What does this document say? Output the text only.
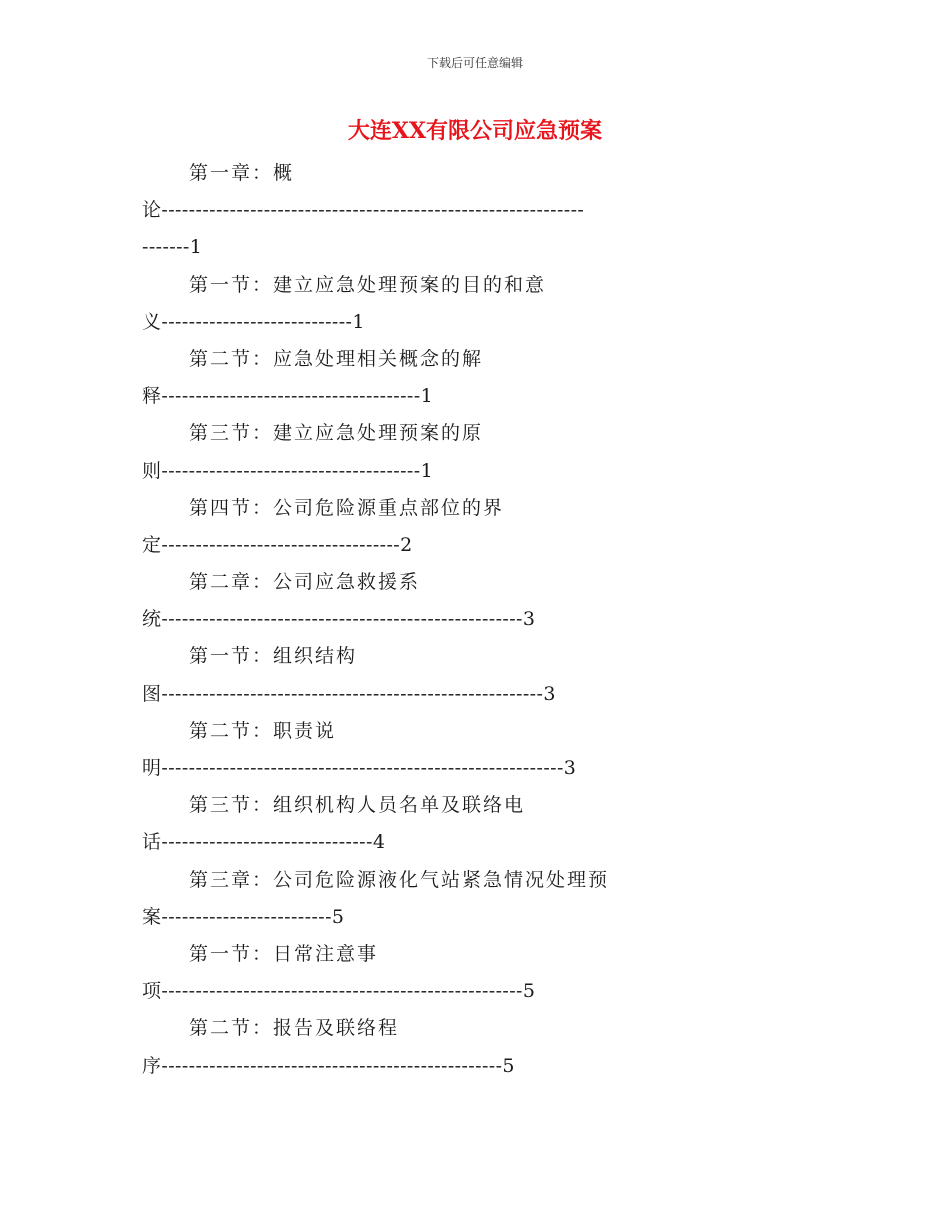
下载后可任意编辑
大连XX有限公司应急预案
第一章：概
论--------------------------------------------------------------
-------1
第一节：建立应急处理预案的目的和意
义----------------------------1
第二节：应急处理相关概念的解
释--------------------------------------1
第三节：建立应急处理预案的原
则--------------------------------------1
第四节：公司危险源重点部位的界
定-----------------------------------2
第二章：公司应急救援系
统-----------------------------------------------------3
第一节：组织结构
图--------------------------------------------------------3
第二节：职责说
明-----------------------------------------------------------3
第三节：组织机构人员名单及联络电
话-------------------------------4
第三章：公司危险源液化气站紧急情况处理预
案-------------------------5
第一节：日常注意事
项-----------------------------------------------------5
第二节：报告及联络程
序--------------------------------------------------5
